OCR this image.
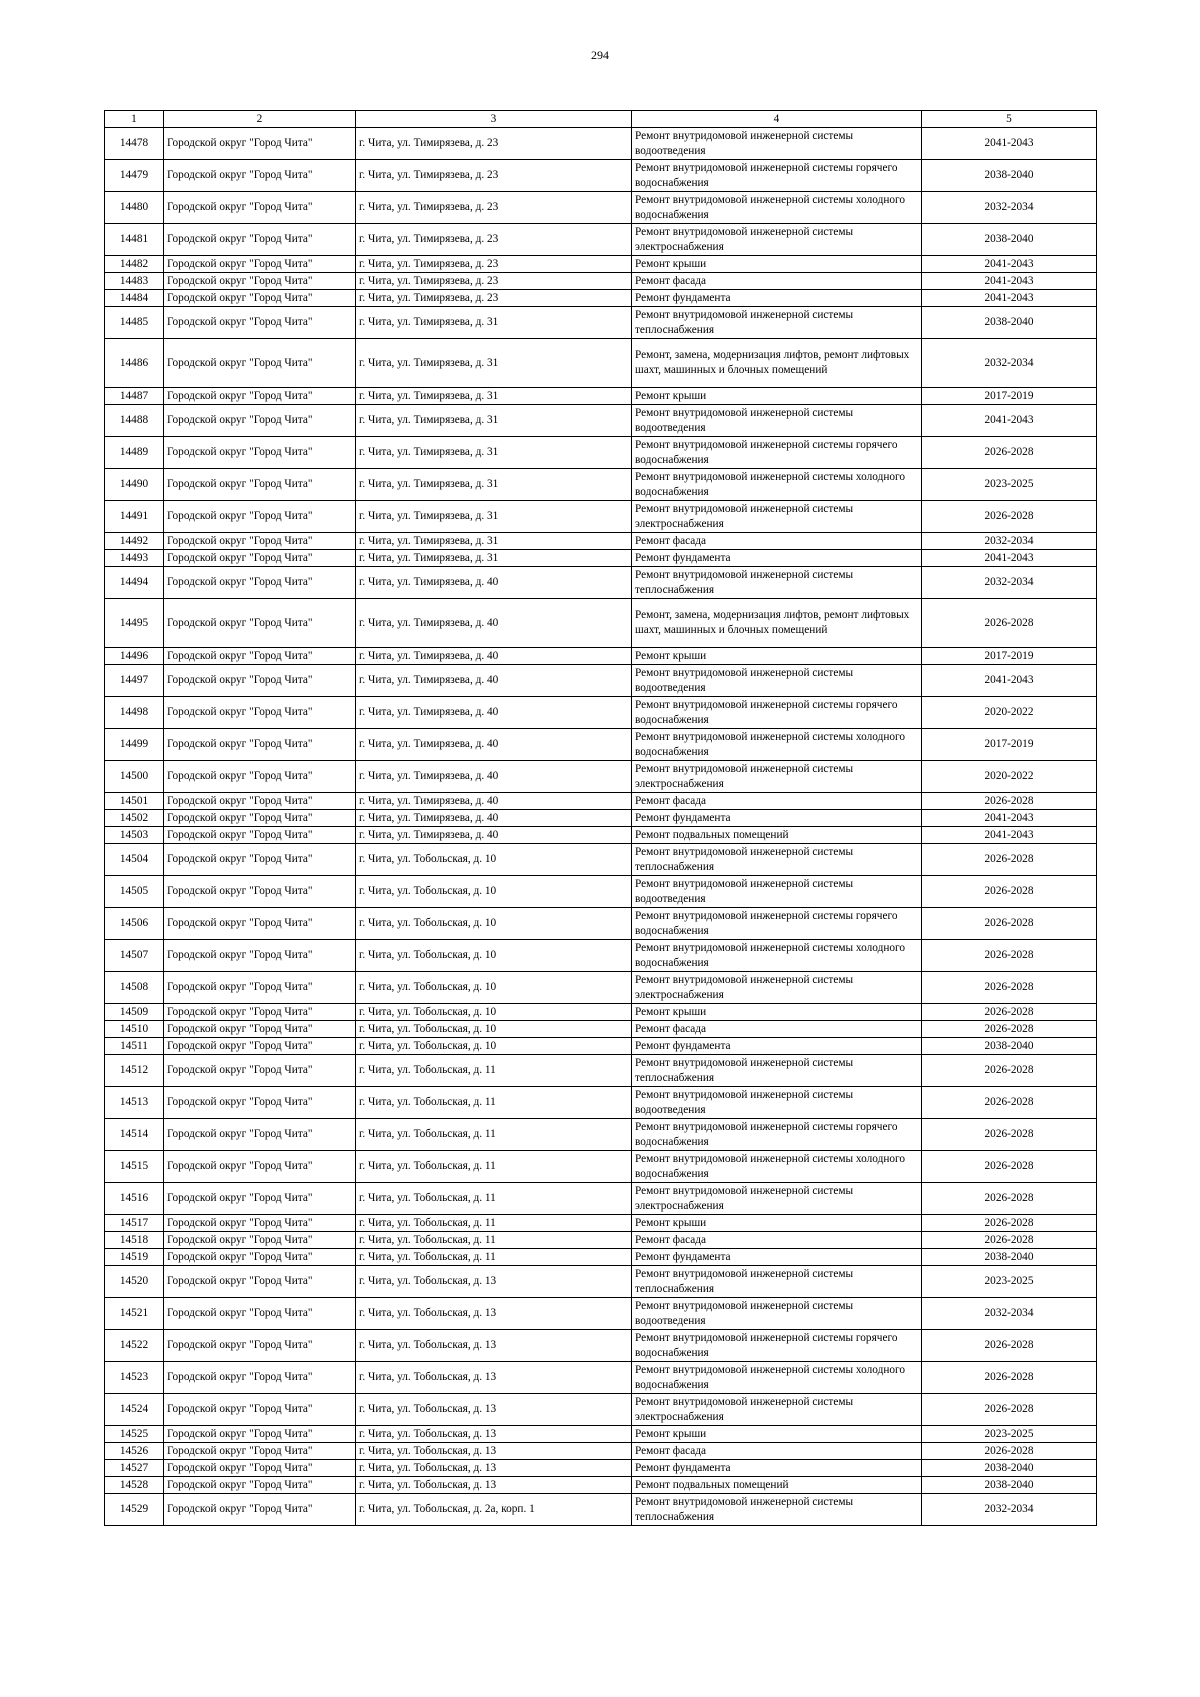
294
1	2	3	4	5
14478	Городской округ "Город Чита"	г. Чита, ул. Тимирязева, д. 23	Ремонт внутридомовой инженерной системы водоотведения	2041-2043
14479	Городской округ "Город Чита"	г. Чита, ул. Тимирязева, д. 23	Ремонт внутридомовой инженерной системы горячего водоснабжения	2038-2040
14480	Городской округ "Город Чита"	г. Чита, ул. Тимирязева, д. 23	Ремонт внутридомовой инженерной системы холодного водоснабжения	2032-2034
14481	Городской округ "Город Чита"	г. Чита, ул. Тимирязева, д. 23	Ремонт внутридомовой инженерной системы электроснабжения	2038-2040
14482	Городской округ "Город Чита"	г. Чита, ул. Тимирязева, д. 23	Ремонт крыши	2041-2043
14483	Городской округ "Город Чита"	г. Чита, ул. Тимирязева, д. 23	Ремонт фасада	2041-2043
14484	Городской округ "Город Чита"	г. Чита, ул. Тимирязева, д. 23	Ремонт фундамента	2041-2043
14485	Городской округ "Город Чита"	г. Чита, ул. Тимирязева, д. 31	Ремонт внутридомовой инженерной системы теплоснабжения	2038-2040
14486	Городской округ "Город Чита"	г. Чита, ул. Тимирязева, д. 31	Ремонт, замена, модернизация лифтов, ремонт лифтовых шахт, машинных и блочных помещений	2032-2034
14487	Городской округ "Город Чита"	г. Чита, ул. Тимирязева, д. 31	Ремонт крыши	2017-2019
14488	Городской округ "Город Чита"	г. Чита, ул. Тимирязева, д. 31	Ремонт внутридомовой инженерной системы водоотведения	2041-2043
14489	Городской округ "Город Чита"	г. Чита, ул. Тимирязева, д. 31	Ремонт внутридомовой инженерной системы горячего водоснабжения	2026-2028
14490	Городской округ "Город Чита"	г. Чита, ул. Тимирязева, д. 31	Ремонт внутридомовой инженерной системы холодного водоснабжения	2023-2025
14491	Городской округ "Город Чита"	г. Чита, ул. Тимирязева, д. 31	Ремонт внутридомовой инженерной системы электроснабжения	2026-2028
14492	Городской округ "Город Чита"	г. Чита, ул. Тимирязева, д. 31	Ремонт фасада	2032-2034
14493	Городской округ "Город Чита"	г. Чита, ул. Тимирязева, д. 31	Ремонт фундамента	2041-2043
14494	Городской округ "Город Чита"	г. Чита, ул. Тимирязева, д. 40	Ремонт внутридомовой инженерной системы теплоснабжения	2032-2034
14495	Городской округ "Город Чита"	г. Чита, ул. Тимирязева, д. 40	Ремонт, замена, модернизация лифтов, ремонт лифтовых шахт, машинных и блочных помещений	2026-2028
14496	Городской округ "Город Чита"	г. Чита, ул. Тимирязева, д. 40	Ремонт крыши	2017-2019
14497	Городской округ "Город Чита"	г. Чита, ул. Тимирязева, д. 40	Ремонт внутридомовой инженерной системы водоотведения	2041-2043
14498	Городской округ "Город Чита"	г. Чита, ул. Тимирязева, д. 40	Ремонт внутридомовой инженерной системы горячего водоснабжения	2020-2022
14499	Городской округ "Город Чита"	г. Чита, ул. Тимирязева, д. 40	Ремонт внутридомовой инженерной системы холодного водоснабжения	2017-2019
14500	Городской округ "Город Чита"	г. Чита, ул. Тимирязева, д. 40	Ремонт внутридомовой инженерной системы электроснабжения	2020-2022
14501	Городской округ "Город Чита"	г. Чита, ул. Тимирязева, д. 40	Ремонт фасада	2026-2028
14502	Городской округ "Город Чита"	г. Чита, ул. Тимирязева, д. 40	Ремонт фундамента	2041-2043
14503	Городской округ "Город Чита"	г. Чита, ул. Тимирязева, д. 40	Ремонт подвальных помещений	2041-2043
14504	Городской округ "Город Чита"	г. Чита, ул. Тобольская, д. 10	Ремонт внутридомовой инженерной системы теплоснабжения	2026-2028
14505	Городской округ "Город Чита"	г. Чита, ул. Тобольская, д. 10	Ремонт внутридомовой инженерной системы водоотведения	2026-2028
14506	Городской округ "Город Чита"	г. Чита, ул. Тобольская, д. 10	Ремонт внутридомовой инженерной системы горячего водоснабжения	2026-2028
14507	Городской округ "Город Чита"	г. Чита, ул. Тобольская, д. 10	Ремонт внутридомовой инженерной системы холодного водоснабжения	2026-2028
14508	Городской округ "Город Чита"	г. Чита, ул. Тобольская, д. 10	Ремонт внутридомовой инженерной системы электроснабжения	2026-2028
14509	Городской округ "Город Чита"	г. Чита, ул. Тобольская, д. 10	Ремонт крыши	2026-2028
14510	Городской округ "Город Чита"	г. Чита, ул. Тобольская, д. 10	Ремонт фасада	2026-2028
14511	Городской округ "Город Чита"	г. Чита, ул. Тобольская, д. 10	Ремонт фундамента	2038-2040
14512	Городской округ "Город Чита"	г. Чита, ул. Тобольская, д. 11	Ремонт внутридомовой инженерной системы теплоснабжения	2026-2028
14513	Городской округ "Город Чита"	г. Чита, ул. Тобольская, д. 11	Ремонт внутридомовой инженерной системы водоотведения	2026-2028
14514	Городской округ "Город Чита"	г. Чита, ул. Тобольская, д. 11	Ремонт внутридомовой инженерной системы горячего водоснабжения	2026-2028
14515	Городской округ "Город Чита"	г. Чита, ул. Тобольская, д. 11	Ремонт внутридомовой инженерной системы холодного водоснабжения	2026-2028
14516	Городской округ "Город Чита"	г. Чита, ул. Тобольская, д. 11	Ремонт внутридомовой инженерной системы электроснабжения	2026-2028
14517	Городской округ "Город Чита"	г. Чита, ул. Тобольская, д. 11	Ремонт крыши	2026-2028
14518	Городской округ "Город Чита"	г. Чита, ул. Тобольская, д. 11	Ремонт фасада	2026-2028
14519	Городской округ "Город Чита"	г. Чита, ул. Тобольская, д. 11	Ремонт фундамента	2038-2040
14520	Городской округ "Город Чита"	г. Чита, ул. Тобольская, д. 13	Ремонт внутридомовой инженерной системы теплоснабжения	2023-2025
14521	Городской округ "Город Чита"	г. Чита, ул. Тобольская, д. 13	Ремонт внутридомовой инженерной системы водоотведения	2032-2034
14522	Городской округ "Город Чита"	г. Чита, ул. Тобольская, д. 13	Ремонт внутридомовой инженерной системы горячего водоснабжения	2026-2028
14523	Городской округ "Город Чита"	г. Чита, ул. Тобольская, д. 13	Ремонт внутридомовой инженерной системы холодного водоснабжения	2026-2028
14524	Городской округ "Город Чита"	г. Чита, ул. Тобольская, д. 13	Ремонт внутридомовой инженерной системы электроснабжения	2026-2028
14525	Городской округ "Город Чита"	г. Чита, ул. Тобольская, д. 13	Ремонт крыши	2023-2025
14526	Городской округ "Город Чита"	г. Чита, ул. Тобольская, д. 13	Ремонт фасада	2026-2028
14527	Городской округ "Город Чита"	г. Чита, ул. Тобольская, д. 13	Ремонт фундамента	2038-2040
14528	Городской округ "Город Чита"	г. Чита, ул. Тобольская, д. 13	Ремонт подвальных помещений	2038-2040
14529	Городской округ "Город Чита"	г. Чита, ул. Тобольская, д. 2а, корп. 1	Ремонт внутридомовой инженерной системы теплоснабжения	2032-2034
